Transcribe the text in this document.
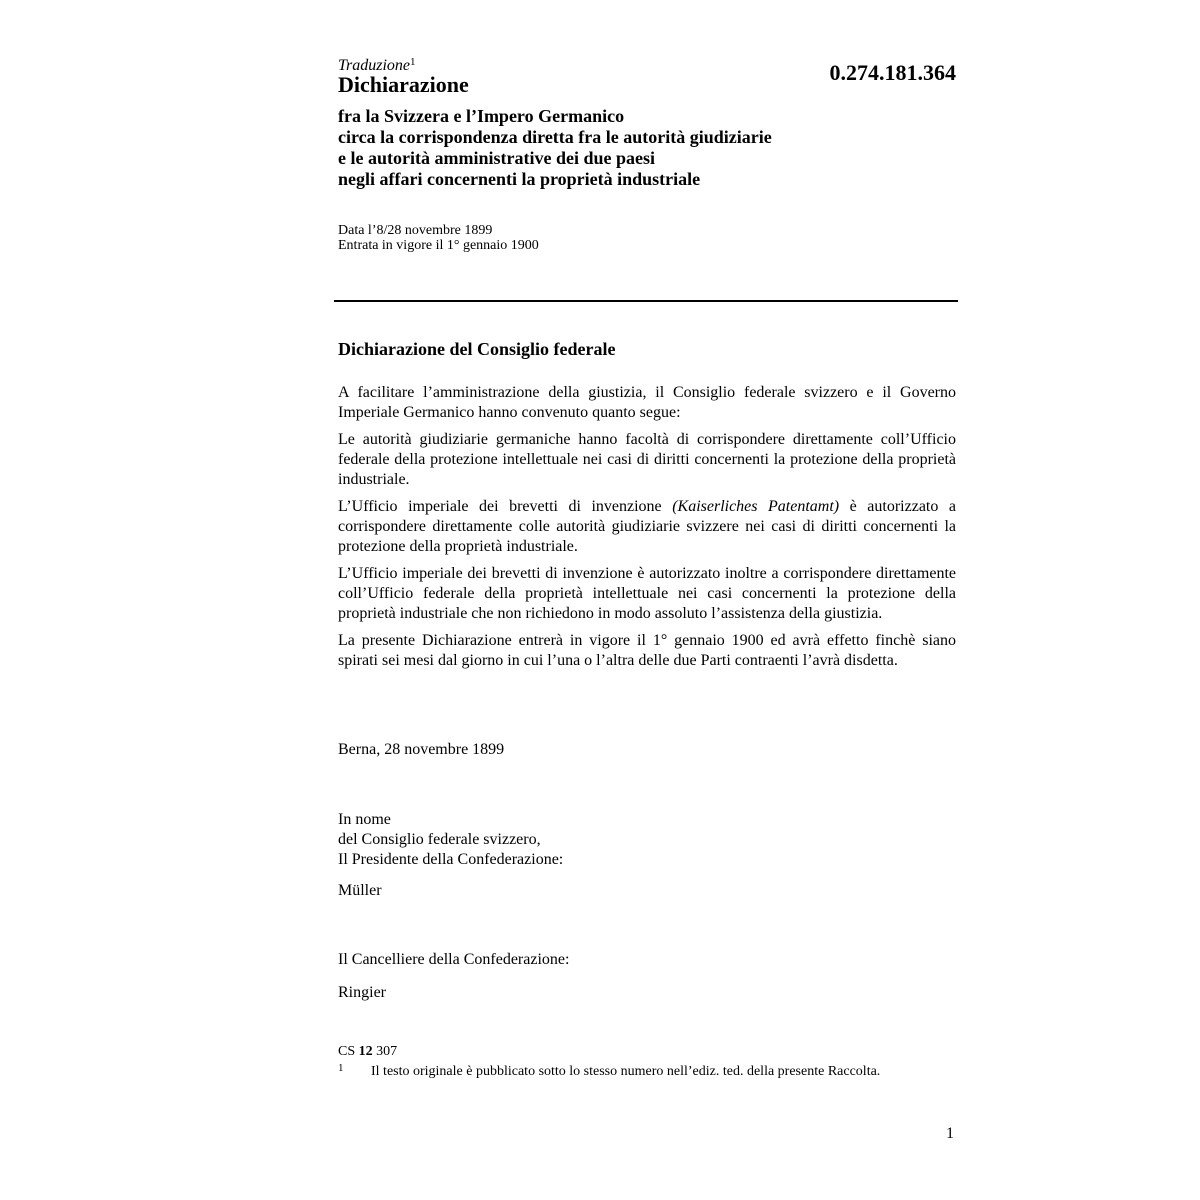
Traduzione$^1$
Dichiarazione	0.274.181.364
fra la Svizzera e l’Impero Germanico
circa la corrispondenza diretta fra le autorità giudiziarie
e le autorità amministrative dei due paesi
negli affari concernenti la proprietà industriale
Data l’8/28 novembre 1899
Entrata in vigore il 1° gennaio 1900
Dichiarazione del Consiglio federale

A facilitare l’amministrazione della giustizia, il Consiglio federale svizzero e il Governo Imperiale Germanico hanno convenuto quanto segue:

Le autorità giudiziarie germaniche hanno facoltà di corrispondere direttamente coll’Ufficio federale della protezione intellettuale nei casi di diritti concernenti la protezione della proprietà industriale.

L’Ufficio imperiale dei brevetti di invenzione (Kaiserliches Patentamt) è autorizzato a corrispondere direttamente colle autorità giudiziarie svizzere nei casi di diritti concernenti la protezione della proprietà industriale.

L’Ufficio imperiale dei brevetti di invenzione è autorizzato inoltre a corrispondere direttamente coll’Ufficio federale della proprietà intellettuale nei casi concernenti la protezione della proprietà industriale che non richiedono in modo assoluto l’assistenza della giustizia.

La presente Dichiarazione entrerà in vigore il 1° gennaio 1900 ed avrà effetto finchè siano spirati sei mesi dal giorno in cui l’una o l’altra delle due Parti contraenti l’avrà disdetta.

Berna, 28 novembre 1899
In nome
del Consiglio federale svizzero,
Il Presidente della Confederazione:
Müller
Il Cancelliere della Confederazione:
Ringier
CS 12 307
1 Il testo originale è pubblicato sotto lo stesso numero nell’ediz. ted. della presente Raccolta.
1
